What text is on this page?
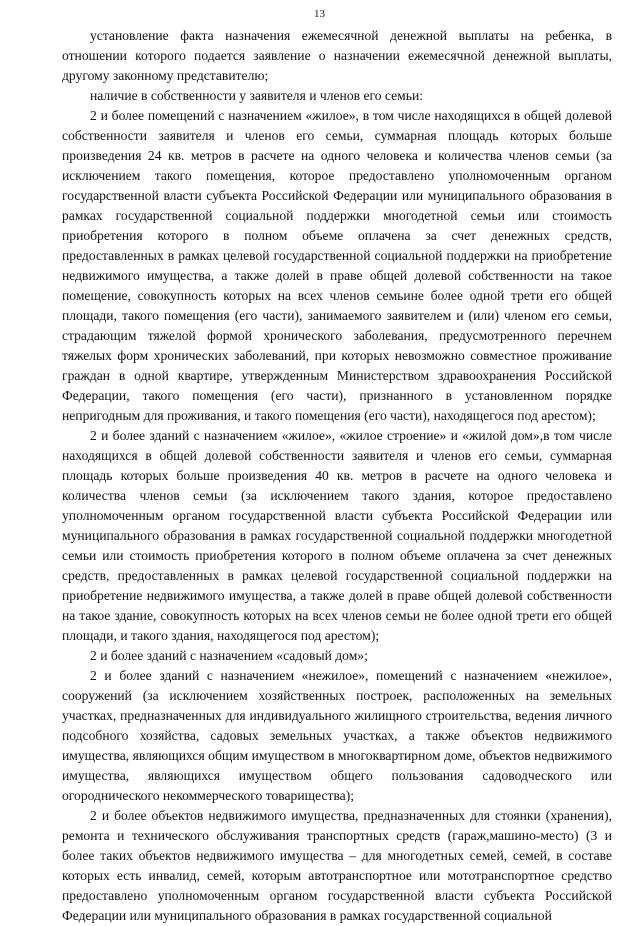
13

установление факта назначения ежемесячной денежной выплаты на ребенка, в отношении которого подается заявление о назначении ежемесячной денежной выплаты, другому законному представителю;

наличие в собственности у заявителя и членов его семьи:

2 и более помещений с назначением «жилое», в том числе находящихся в общей долевой собственности заявителя и членов его семьи, суммарная площадь которых больше произведения 24 кв. метров в расчете на одного человека и количества членов семьи (за исключением такого помещения, которое предоставлено уполномоченным органом государственной власти субъекта Российской Федерации или муниципального образования в рамках государственной социальной поддержки многодетной семьи или стоимость приобретения которого в полном объеме оплачена за счет денежных средств, предоставленных в рамках целевой государственной социальной поддержки на приобретение недвижимого имущества, а также долей в праве общей долевой собственности на такое помещение, совокупность которых на всех членов семьине более одной трети его общей площади, такого помещения (его части), занимаемого заявителем и (или) членом его семьи, страдающим тяжелой формой хронического заболевания, предусмотренного перечнем тяжелых форм хронических заболеваний, при которых невозможно совместное проживание граждан в одной квартире, утвержденным Министерством здравоохранения Российской Федерации, такого помещения (его части), признанного в установленном порядке непригодным для проживания, и такого помещения (его части), находящегося под арестом);

2 и более зданий с назначением «жилое», «жилое строение» и «жилой дом»,в том числе находящихся в общей долевой собственности заявителя и членов его семьи, суммарная площадь которых больше произведения 40 кв. метров в расчете на одного человека и количества членов семьи (за исключением такого здания, которое предоставлено уполномоченным органом государственной власти субъекта Российской Федерации или муниципального образования в рамках государственной социальной поддержки многодетной семьи или стоимость приобретения которого в полном объеме оплачена за счет денежных средств, предоставленных в рамках целевой государственной социальной поддержки на приобретение недвижимого имущества, а также долей в праве общей долевой собственности на такое здание, совокупность которых на всех членов семьи не более одной трети его общей площади, и такого здания, находящегося под арестом);

2 и более зданий с назначением «садовый дом»;

2 и более зданий с назначением «нежилое», помещений с назначением «нежилое», сооружений (за исключением хозяйственных построек, расположенных на земельных участках, предназначенных для индивидуального жилищного строительства, ведения личного подсобного хозяйства, садовых земельных участках, а также объектов недвижимого имущества, являющихся общим имуществом в многоквартирном доме, объектов недвижимого имущества, являющихся имуществом общего пользования садоводческого или огороднического некоммерческого товарищества);

2 и более объектов недвижимого имущества, предназначенных для стоянки (хранения), ремонта и технического обслуживания транспортных средств (гараж,машино-место) (3 и более таких объектов недвижимого имущества – для многодетных семей, семей, в составе которых есть инвалид, семей, которым автотранспортное или мототранспортное средство предоставлено уполномоченным органом государственной власти субъекта Российской Федерации или муниципального образования в рамках государственной социальной
